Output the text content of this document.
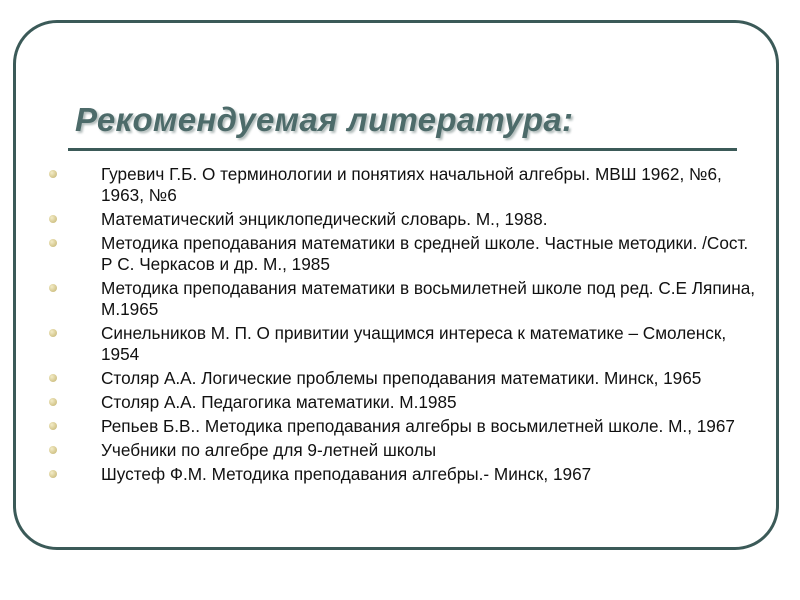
Рекомендуемая литература:
Гуревич Г.Б. О терминологии и понятиях начальной алгебры. МВШ 1962, №6, 1963, №6
Математический энциклопедический словарь. М., 1988.
Методика преподавания математики в средней школе. Частные методики. /Сост. Р С. Черкасов и др. М., 1985
Методика преподавания математики в восьмилетней школе под ред. С.Е Ляпина, М.1965
Синельников М. П. О привитии учащимся интереса к математике – Смоленск, 1954
Столяр А.А. Логические проблемы преподавания математики. Минск, 1965
Столяр А.А. Педагогика математики. М.1985
Репьев Б.В.. Методика преподавания алгебры в восьмилетней школе. М., 1967
Учебники по алгебре для 9-летней школы
Шустеф Ф.М. Методика преподавания алгебры.- Минск, 1967
